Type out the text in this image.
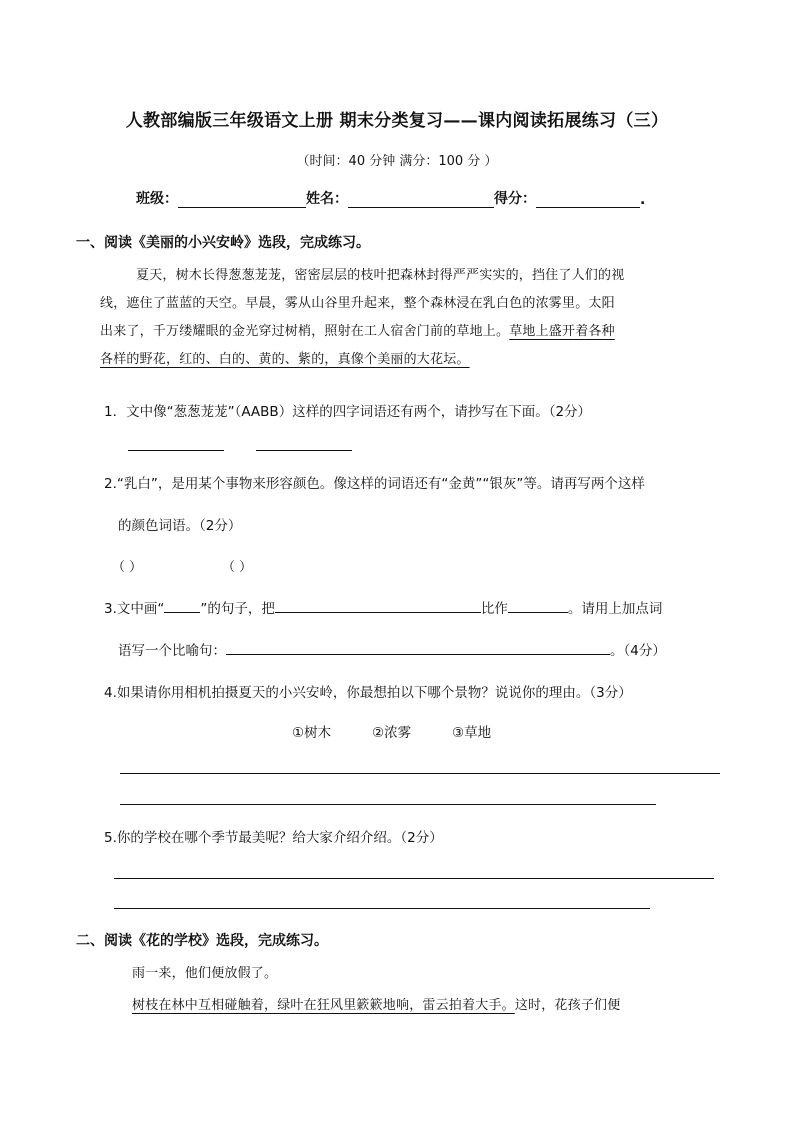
人教部编版三年级语文上册 期末分类复习——课内阅读拓展练习（三）
（时间：40 分钟 满分：100 分 ）
班级：	姓名：	得分：	.
一、阅读《美丽的小兴安岭》选段，完成练习。
夏天，树木长得葱葱茏茏，密密层层的枝叶把森林封得严严实实的，挡住了人们的视
线，遮住了蓝蓝的天空。早晨，雾从山谷里升起来，整个森林浸在乳白色的浓雾里。太阳
出来了，千万缕耀眼的金光穿过树梢，照射在工人宿舍门前的草地上。草地上盛开着各种
各样的野花，红的、白的、黄的、紫的，真像个美丽的大花坛。
1．文中像“葱葱茏茏”（AABB）这样的四字词语还有两个，请抄写在下面。（2分）
2.“乳白”，是用某个事物来形容颜色。像这样的词语还有“金黄”“银灰”等。请再写两个这样
的颜色词语。（2分）
（ ）	（ ）
3.文中画“	”的句子，把	比作	。请用上加点词
语写一个比喻句：	。（4分）
4.如果请你用相机拍摄夏天的小兴安岭，你最想拍以下哪个景物？说说你的理由。（3分）
①树木	②浓雾	③草地
5.你的学校在哪个季节最美呢？给大家介绍介绍。（2分）
二、阅读《花的学校》选段，完成练习。
雨一来，他们便放假了。
树枝在林中互相碰触着，绿叶在狂风里簌簌地响，雷云拍着大手。这时，花孩子们便
